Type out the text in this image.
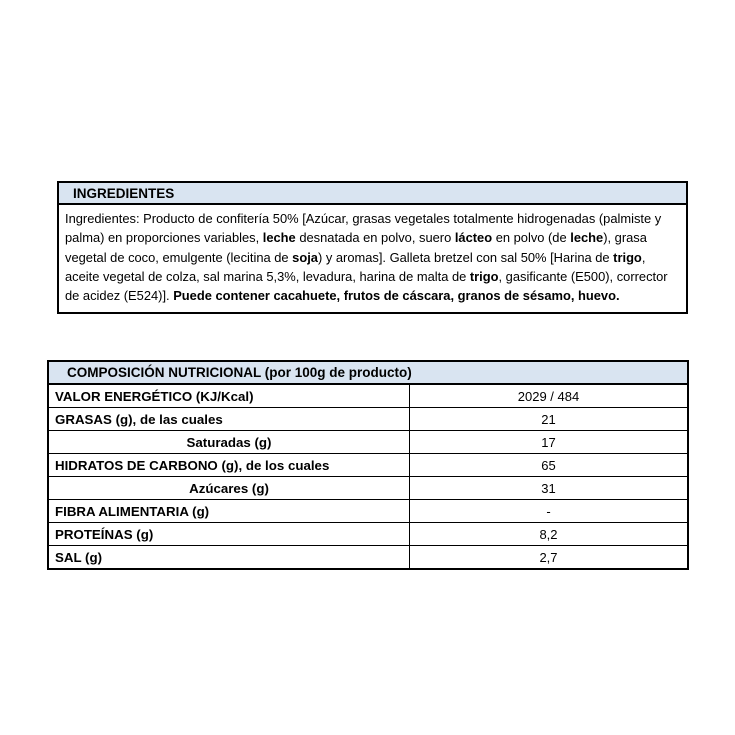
INGREDIENTES

Ingredientes: Producto de confitería 50% [Azúcar, grasas vegetales totalmente hidrogenadas (palmiste y palma) en proporciones variables, leche desnatada en polvo, suero lácteo en polvo (de leche), grasa vegetal de coco, emulgente (lecitina de soja) y aromas]. Galleta bretzel con sal 50% [Harina de trigo, aceite vegetal de colza, sal marina 5,3%, levadura, harina de malta de trigo, gasificante (E500), corrector de acidez (E524)]. Puede contener cacahuete, frutos de cáscara, granos de sésamo, huevo.

COMPOSICIÓN NUTRICIONAL (por 100g de producto)
VALOR ENERGÉTICO (KJ/Kcal)	2029 / 484
GRASAS (g), de las cuales	21
Saturadas (g)	17
HIDRATOS DE CARBONO (g), de los cuales	65
Azúcares (g)	31
FIBRA ALIMENTARIA (g)	-
PROTEÍNAS (g)	8,2
SAL (g)	2,7
